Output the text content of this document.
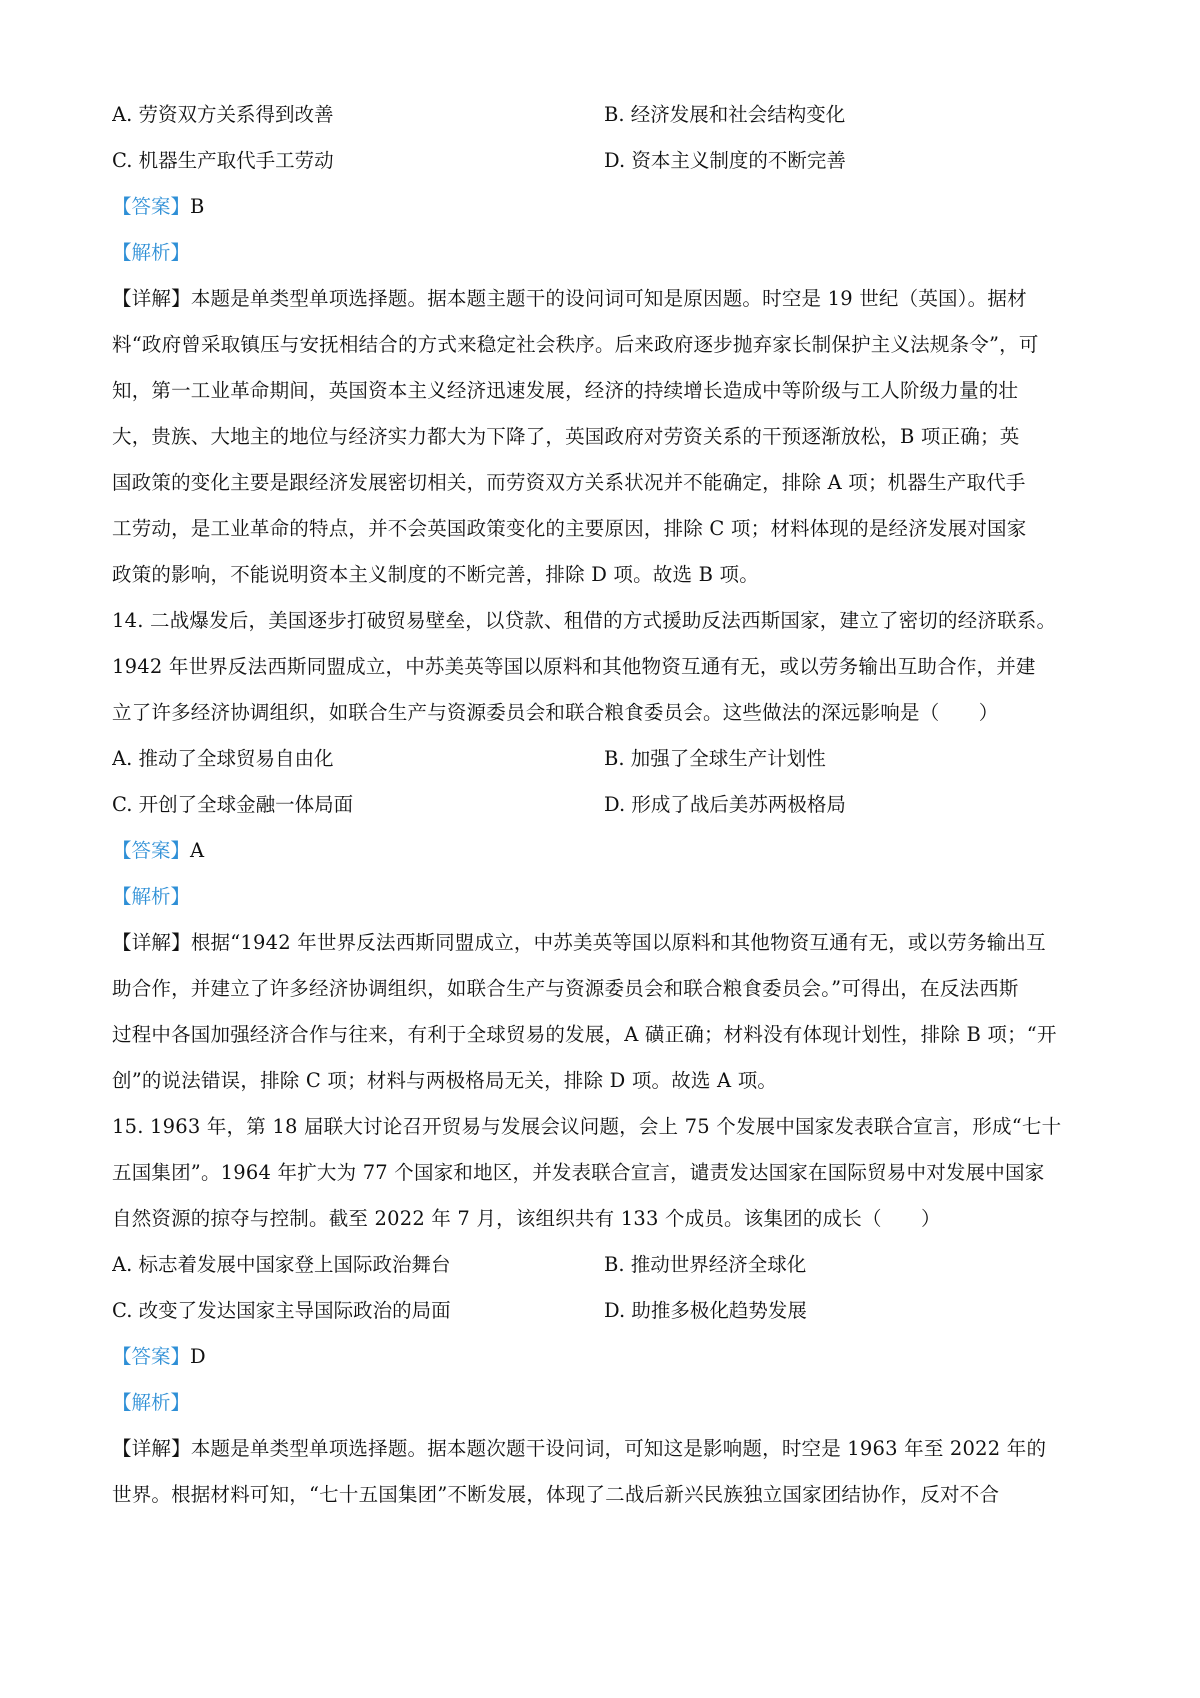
A. 劳资双方关系得到改善	B. 经济发展和社会结构变化
C. 机器生产取代手工劳动	D. 资本主义制度的不断完善
【答案】B
【解析】
【详解】本题是单类型单项选择题。据本题主题干的设问词可知是原因题。时空是 19 世纪（英国）。据材
料“政府曾采取镇压与安抚相结合的方式来稳定社会秩序。后来政府逐步抛弃家长制保护主义法规条令”，可
知，第一工业革命期间，英国资本主义经济迅速发展，经济的持续增长造成中等阶级与工人阶级力量的壮
大，贵族、大地主的地位与经济实力都大为下降了，英国政府对劳资关系的干预逐渐放松，B 项正确；英
国政策的变化主要是跟经济发展密切相关，而劳资双方关系状况并不能确定，排除 A 项；机器生产取代手
工劳动，是工业革命的特点，并不会英国政策变化的主要原因，排除 C 项；材料体现的是经济发展对国家
政策的影响，不能说明资本主义制度的不断完善，排除 D 项。故选 B 项。
14. 二战爆发后，美国逐步打破贸易壁垒，以贷款、租借的方式援助反法西斯国家，建立了密切的经济联系。
1942 年世界反法西斯同盟成立，中苏美英等国以原料和其他物资互通有无，或以劳务输出互助合作，并建
立了许多经济协调组织，如联合生产与资源委员会和联合粮食委员会。这些做法的深远影响是（　　）
A. 推动了全球贸易自由化	B. 加强了全球生产计划性
C. 开创了全球金融一体局面	D. 形成了战后美苏两极格局
【答案】A
【解析】
【详解】根据“1942 年世界反法西斯同盟成立，中苏美英等国以原料和其他物资互通有无，或以劳务输出互
助合作，并建立了许多经济协调组织，如联合生产与资源委员会和联合粮食委员会。”可得出，在反法西斯
过程中各国加强经济合作与往来，有利于全球贸易的发展，A 磺正确；材料没有体现计划性，排除 B 项；“开
创”的说法错误，排除 C 项；材料与两极格局无关，排除 D 项。故选 A 项。
15. 1963 年，第 18 届联大讨论召开贸易与发展会议问题，会上 75 个发展中国家发表联合宣言，形成“七十
五国集团”。1964 年扩大为 77 个国家和地区，并发表联合宣言，谴责发达国家在国际贸易中对发展中国家
自然资源的掠夺与控制。截至 2022 年 7 月，该组织共有 133 个成员。该集团的成长（　　）
A. 标志着发展中国家登上国际政治舞台	B. 推动世界经济全球化
C. 改变了发达国家主导国际政治的局面	D. 助推多极化趋势发展
【答案】D
【解析】
【详解】本题是单类型单项选择题。据本题次题干设问词，可知这是影响题，时空是 1963 年至 2022 年的
世界。根据材料可知，“七十五国集团”不断发展，体现了二战后新兴民族独立国家团结协作，反对不合
